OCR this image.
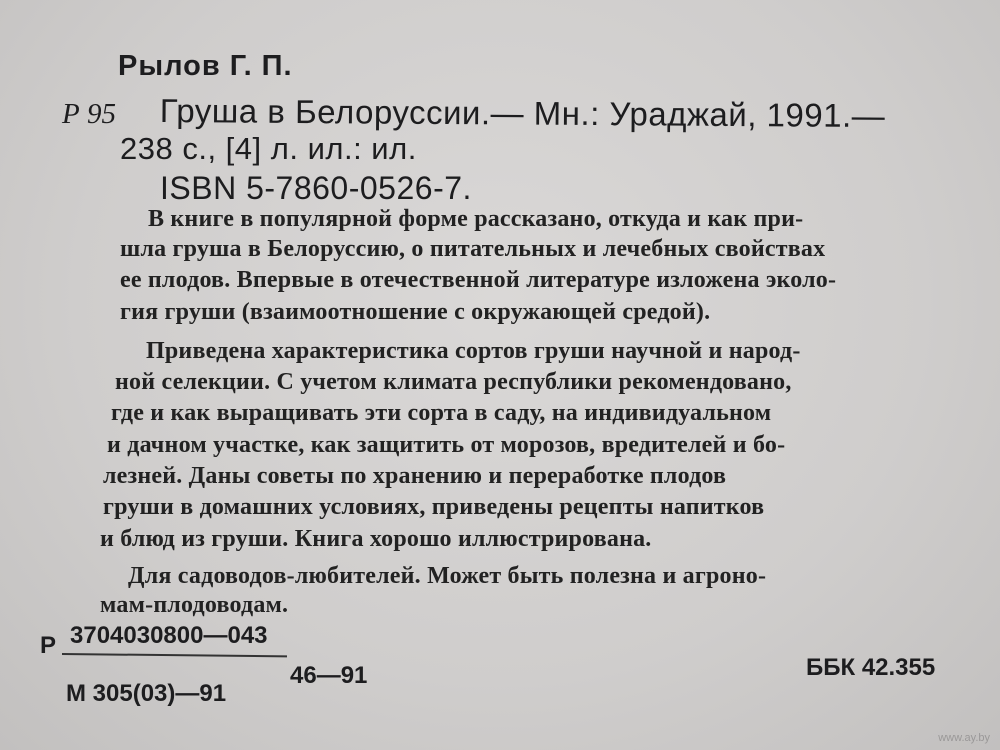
Рылов Г. П.
Р 95 Груша в Белоруссии.— Мн.: Ураджай, 1991.—
238 с., [4] л. ил.: ил.
ISBN 5-7860-0526-7.
В книге в популярной форме рассказано, откуда и как при-
шла груша в Белоруссию, о питательных и лечебных свойствах
ее плодов. Впервые в отечественной литературе изложена эколо-
гия груши (взаимоотношение с окружающей средой).
Приведена характеристика сортов груши научной и народ-
ной селекции. С учетом климата республики рекомендовано,
где и как выращивать эти сорта в саду, на индивидуальном
и дачном участке, как защитить от морозов, вредителей и бо-
лезней. Даны советы по хранению и переработке плодов
груши в домашних условиях, приведены рецепты напитков
и блюд из груши. Книга хорошо иллюстрирована.
Для садоводов-любителей. Может быть полезна и агроно-
мам-плодоводам.
Р 3704030800—043
М 305(03)—91
46—91	ББК 42.355
www.ay.by
